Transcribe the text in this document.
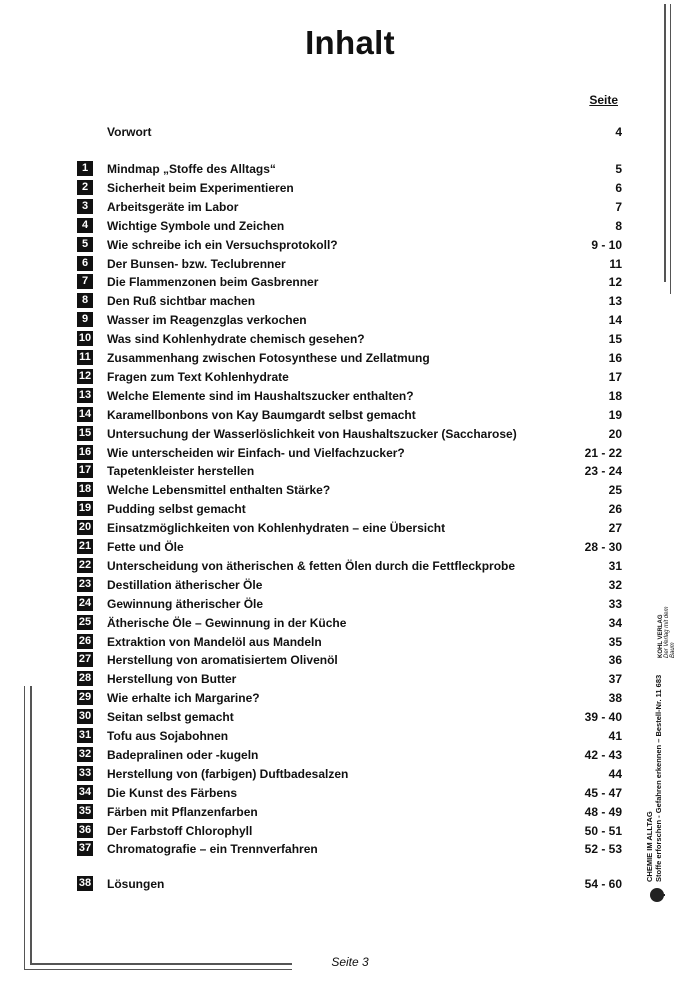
Inhalt
Seite
Vorwort	4
1	Mindmap „Stoffe des Alltags“	5
2	Sicherheit beim Experimentieren	6
3	Arbeitsgeräte im Labor	7
4	Wichtige Symbole und Zeichen	8
5	Wie schreibe ich ein Versuchsprotokoll?	9 - 10
6	Der Bunsen- bzw. Teclubrenner	11
7	Die Flammenzonen beim Gasbrenner	12
8	Den Ruß sichtbar machen	13
9	Wasser im Reagenzglas verkochen	14
10 Was sind Kohlenhydrate chemisch gesehen?	15
11 Zusammenhang zwischen Fotosynthese und Zellatmung	16
12 Fragen zum Text Kohlenhydrate	17
13 Welche Elemente sind im Haushaltszucker enthalten?	18
14 Karamellbonbons von Kay Baumgardt selbst gemacht	19
15 Untersuchung der Wasserlöslichkeit von Haushaltszucker (Saccharose)	20
16 Wie unterscheiden wir Einfach- und Vielfachzucker?	21 - 22
17 Tapetenkleister herstellen	23 - 24
18 Welche Lebensmittel enthalten Stärke?	25
19 Pudding selbst gemacht	26
20 Einsatzmöglichkeiten von Kohlenhydraten – eine Übersicht	27
21 Fette und Öle	28 - 30
22 Unterscheidung von ätherischen & fetten Ölen durch die Fettfleckprobe	31
23 Destillation ätherischer Öle	32
24 Gewinnung ätherischer Öle	33
25 Ätherische Öle – Gewinnung in der Küche	34
26 Extraktion von Mandelöl aus Mandeln	35
27 Herstellung von aromatisiertem Olivenöl	36
28 Herstellung von Butter	37
29 Wie erhalte ich Margarine?	38
30 Seitan selbst gemacht	39 - 40
31 Tofu aus Sojabohnen	41
32 Badepralinen oder -kugeln	42 - 43
33 Herstellung von (farbigen) Duftbadesalzen	44
34 Die Kunst des Färbens	45 - 47
35 Färben mit Pflanzenfarben	48 - 49
36 Der Farbstoff Chlorophyll	50 - 51
37 Chromatografie – ein Trennverfahren	52 - 53
38 Lösungen	54 - 60
Seite 3
CHEMIE IM ALLTAG Stoffe erforschen - Gefahren erkennen – Bestell-Nr. 11 683
KOHL VERLAG Der Verlag mit dem Baum
